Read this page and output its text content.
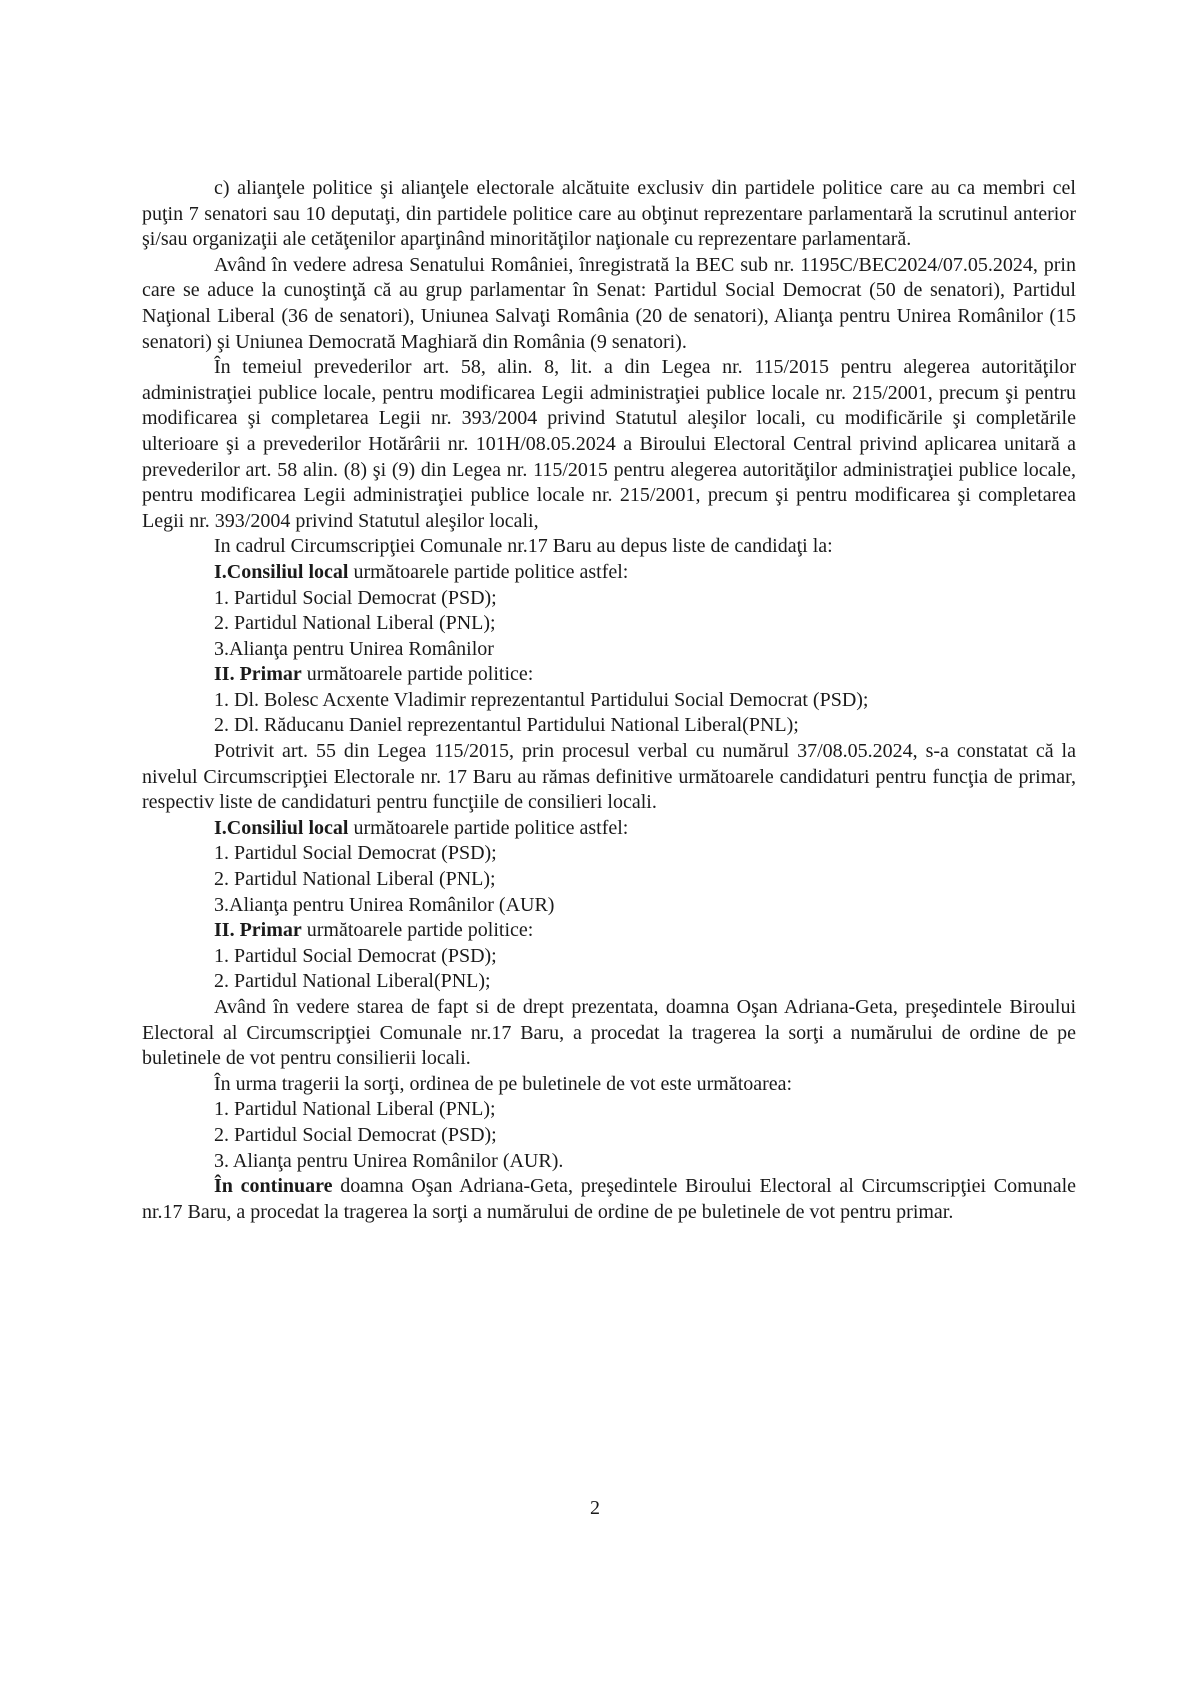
c) alianţele politice şi alianţele electorale alcătuite exclusiv din partidele politice care au ca membri cel puţin 7 senatori sau 10 deputaţi, din partidele politice care au obţinut reprezentare parlamentară la scrutinul anterior şi/sau organizaţii ale cetăţenilor aparţinând minorităţilor naţionale cu reprezentare parlamentară.

Având în vedere adresa Senatului României, înregistrată la BEC sub nr. 1195C/BEC2024/07.05.2024, prin care se aduce la cunoştinţă că au grup parlamentar în Senat: Partidul Social Democrat (50 de senatori), Partidul Naţional Liberal (36 de senatori), Uniunea Salvaţi România (20 de senatori), Alianţa pentru Unirea Românilor (15 senatori) şi Uniunea Democrată Maghiară din România (9 senatori).

În temeiul prevederilor art. 58, alin. 8, lit. a din Legea nr. 115/2015 pentru alegerea autorităţilor administraţiei publice locale, pentru modificarea Legii administraţiei publice locale nr. 215/2001, precum şi pentru modificarea şi completarea Legii nr. 393/2004 privind Statutul aleşilor locali, cu modificările şi completările ulterioare şi a prevederilor Hotărârii nr. 101H/08.05.2024 a Biroului Electoral Central privind aplicarea unitară a prevederilor art. 58 alin. (8) şi (9) din Legea nr. 115/2015 pentru alegerea autorităţilor administraţiei publice locale, pentru modificarea Legii administraţiei publice locale nr. 215/2001, precum şi pentru modificarea şi completarea Legii nr. 393/2004 privind Statutul aleşilor locali,

In cadrul Circumscripţiei Comunale nr.17 Baru au depus liste de candidaţi la:

I.Consiliul local următoarele partide politice astfel:

1. Partidul Social Democrat (PSD);

2. Partidul National Liberal (PNL);

3.Alianţa pentru Unirea Românilor

II. Primar următoarele partide politice:

1. Dl. Bolesc Acxente Vladimir reprezentantul Partidului Social Democrat (PSD);

2. Dl. Răducanu Daniel reprezentantul Partidului National Liberal(PNL);

Potrivit art. 55 din Legea 115/2015, prin procesul verbal cu numărul 37/08.05.2024, s-a constatat că la nivelul Circumscripţiei Electorale nr. 17 Baru au rămas definitive următoarele candidaturi pentru funcţia de primar, respectiv liste de candidaturi pentru funcţiile de consilieri locali.

I.Consiliul local următoarele partide politice astfel:

1. Partidul Social Democrat (PSD);

2. Partidul National Liberal (PNL);

3.Alianţa pentru Unirea Românilor (AUR)

II. Primar următoarele partide politice:

1. Partidul Social Democrat (PSD);

2. Partidul National Liberal(PNL);

Având în vedere starea de fapt si de drept prezentata, doamna Oşan Adriana-Geta, preşedintele Biroului Electoral al Circumscripţiei Comunale nr.17 Baru, a procedat la tragerea la sorţi a numărului de ordine de pe buletinele de vot pentru consilierii locali.

În urma tragerii la sorţi, ordinea de pe buletinele de vot este următoarea:

1. Partidul National Liberal (PNL);

2. Partidul Social Democrat (PSD);

3. Alianţa pentru Unirea Românilor (AUR).

În continuare doamna Oşan Adriana-Geta, preşedintele Biroului Electoral al Circumscripţiei Comunale nr.17 Baru, a procedat la tragerea la sorţi a numărului de ordine de pe buletinele de vot pentru primar.

2
